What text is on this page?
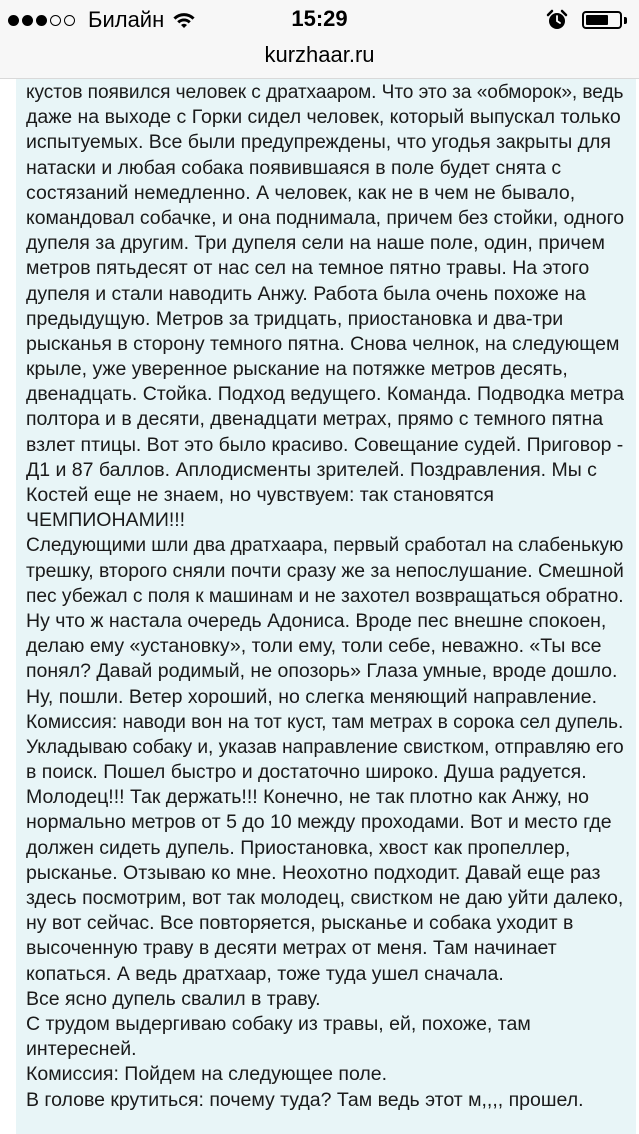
Билайн	15:29
kurzhaar.ru
кустов появился человек с дратхааром. Что это за «обморок», ведь
даже на выходе с Горки сидел человек, который выпускал только
испытуемых. Все были предупреждены, что угодья закрыты для
натаски и любая собака появившаяся в поле будет снята с
состязаний немедленно. А человек, как не в чем не бывало,
командовал собачке, и она поднимала, причем без стойки, одного
дупеля за другим. Три дупеля сели на наше поле, один, причем
метров пятьдесят от нас сел на темное пятно травы. На этого
дупеля и стали наводить Анжу. Работа была очень похоже на
предыдущую. Метров за тридцать, приостановка и два-три
рысканья в сторону темного пятна. Снова челнок, на следующем
крыле, уже уверенное рыскание на потяжке метров десять,
двенадцать. Стойка. Подход ведущего. Команда. Подводка метра
полтора и в десяти, двенадцати метрах, прямо с темного пятна
взлет птицы. Вот это было красиво. Совещание судей. Приговор -
Д1 и 87 баллов. Аплодисменты зрителей. Поздравления. Мы с
Костей еще не знаем, но чувствуем: так становятся
ЧЕМПИОНАМИ!!!
Следующими шли два дратхаара, первый сработал на слабенькую
трешку, второго сняли почти сразу же за непослушание. Смешной
пес убежал с поля к машинам и не захотел возвращаться обратно.
Ну что ж настала очередь Адониса. Вроде пес внешне спокоен,
делаю ему «установку», толи ему, толи себе, неважно. «Ты все
понял? Давай родимый, не опозорь» Глаза умные, вроде дошло.
Ну, пошли. Ветер хороший, но слегка меняющий направление.
Комиссия: наводи вон на тот куст, там метрах в сорока сел дупель.
Укладываю собаку и, указав направление свистком, отправляю его
в поиск. Пошел быстро и достаточно широко. Душа радуется.
Молодец!!! Так держать!!! Конечно, не так плотно как Анжу, но
нормально метров от 5 до 10 между проходами. Вот и место где
должен сидеть дупель. Приостановка, хвост как пропеллер,
рысканье. Отзываю ко мне. Неохотно подходит. Давай еще раз
здесь посмотрим, вот так молодец, свистком не даю уйти далеко,
ну вот сейчас. Все повторяется, рысканье и собака уходит в
высоченную траву в десяти метрах от меня. Там начинает
копаться. А ведь дратхаар, тоже туда ушел сначала.
Все ясно дупель свалил в траву.
С трудом выдергиваю собаку из травы, ей, похоже, там
интересней.
Комиссия: Пойдем на следующее поле.
В голове крутиться: почему туда? Там ведь этот м,,,, прошел.
